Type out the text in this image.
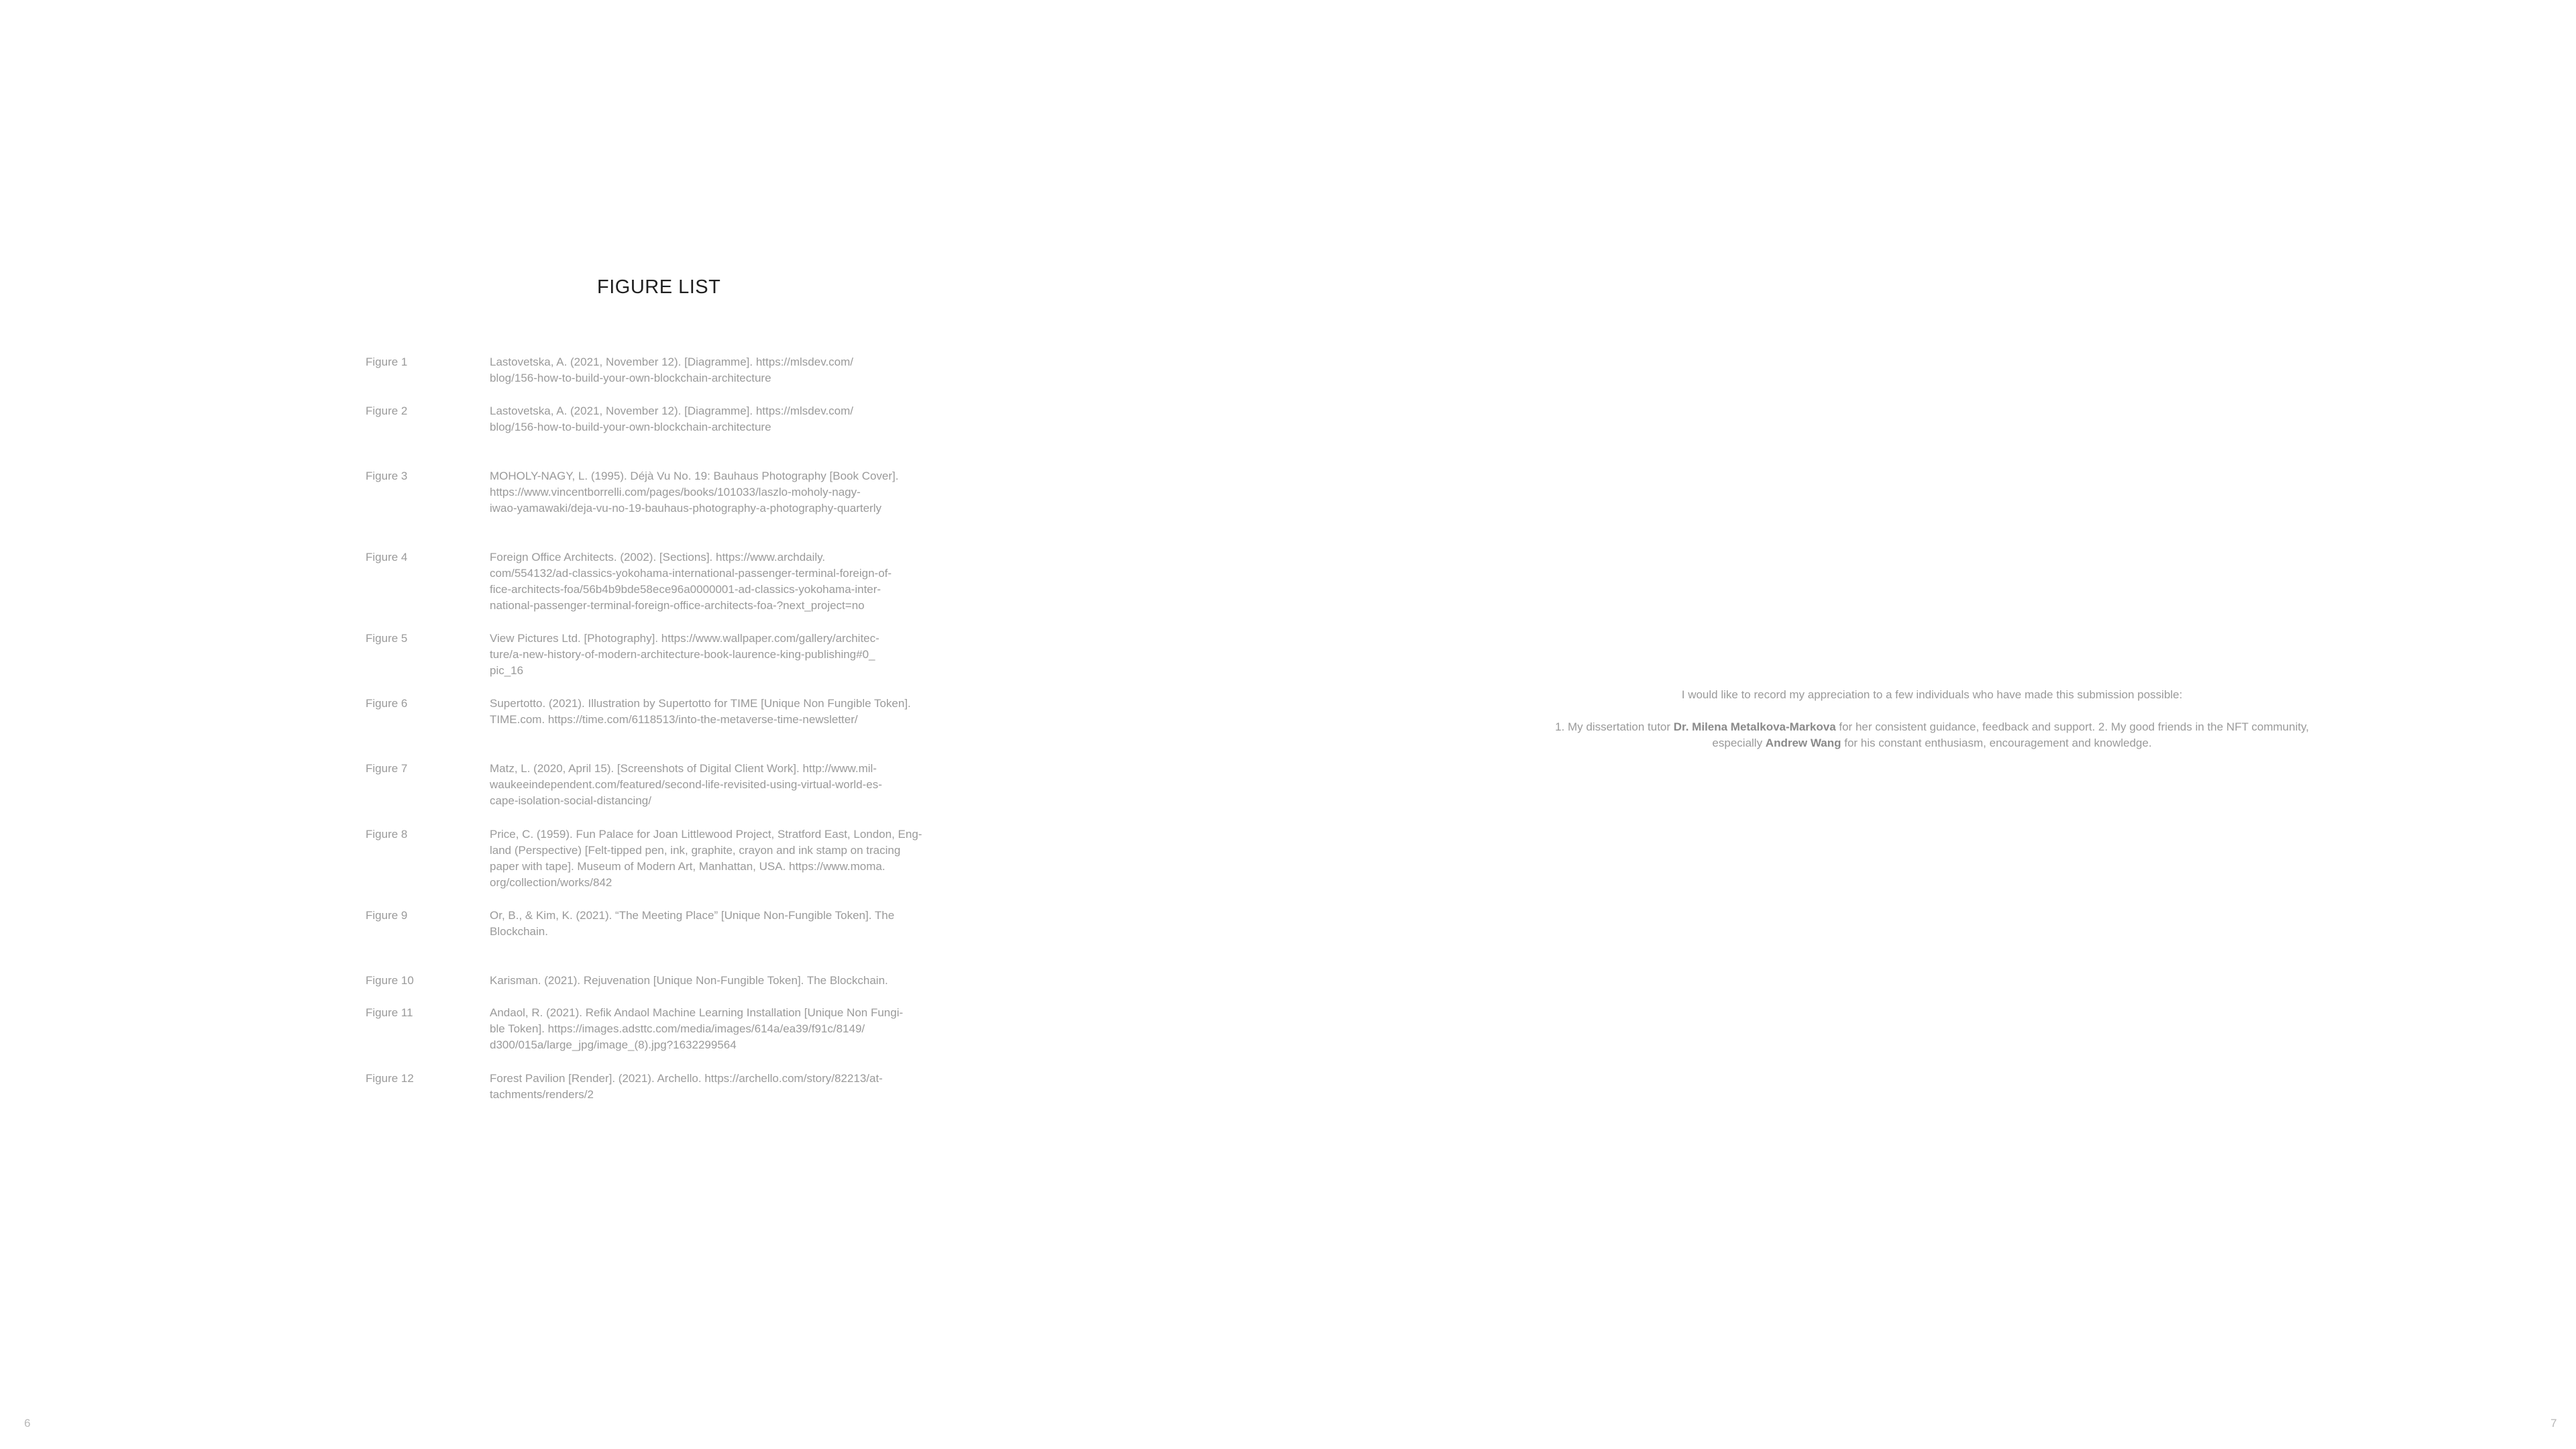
FIGURE LIST
Figure 1	Lastovetska, A. (2021, November 12). [Diagramme]. https://mlsdev.com/
blog/156-how-to-build-your-own-blockchain-architecture
Figure 2	Lastovetska, A. (2021, November 12). [Diagramme]. https://mlsdev.com/
blog/156-how-to-build-your-own-blockchain-architecture
Figure 3	MOHOLY-NAGY, L. (1995). Déjà Vu No. 19: Bauhaus Photography [Book Cover].
https://www.vincentborrelli.com/pages/books/101033/laszlo-moholy-nagy-
iwao-yamawaki/deja-vu-no-19-bauhaus-photography-a-photography-quarterly
Figure 4	Foreign Office Architects. (2002). [Sections]. https://www.archdaily.
com/554132/ad-classics-yokohama-international-passenger-terminal-foreign-of-
fice-architects-foa/56b4b9bde58ece96a0000001-ad-classics-yokohama-inter-
national-passenger-terminal-foreign-office-architects-foa-?next_project=no
Figure 5	View Pictures Ltd. [Photography]. https://www.wallpaper.com/gallery/architec-
ture/a-new-history-of-modern-architecture-book-laurence-king-publishing#0_
pic_16
Figure 6	Supertotto. (2021). Illustration by Supertotto for TIME [Unique Non Fungible Token].
TIME.com. https://time.com/6118513/into-the-metaverse-time-newsletter/
Figure 7	Matz, L. (2020, April 15). [Screenshots of Digital Client Work]. http://www.mil-
waukeeindependent.com/featured/second-life-revisited-using-virtual-world-es-
cape-isolation-social-distancing/
Figure 8	Price, C. (1959). Fun Palace for Joan Littlewood Project, Stratford East, London, Eng-
land (Perspective) [Felt-tipped pen, ink, graphite, crayon and ink stamp on tracing
paper with tape]. Museum of Modern Art, Manhattan, USA. https://www.moma.
org/collection/works/842
Figure 9	Or, B., & Kim, K. (2021). “The Meeting Place” [Unique Non-Fungible Token]. The
Blockchain.
Figure 10	Karisman. (2021). Rejuvenation [Unique Non-Fungible Token]. The Blockchain.
Figure 11	Andaol, R. (2021). Refik Andaol Machine Learning Installation [Unique Non Fungi-
ble Token]. https://images.adsttc.com/media/images/614a/ea39/f91c/8149/
d300/015a/large_jpg/image_(8).jpg?1632299564
Figure 12	Forest Pavilion [Render]. (2021). Archello. https://archello.com/story/82213/at-
tachments/renders/2
6
I would like to record my appreciation to a few individuals who have made this submission possible:
1. My dissertation tutor Dr. Milena Metalkova-Markova for her consistent guidance, feedback and support. 2. My good friends in the NFT community,
especially Andrew Wang for his constant enthusiasm, encouragement and knowledge.
7
